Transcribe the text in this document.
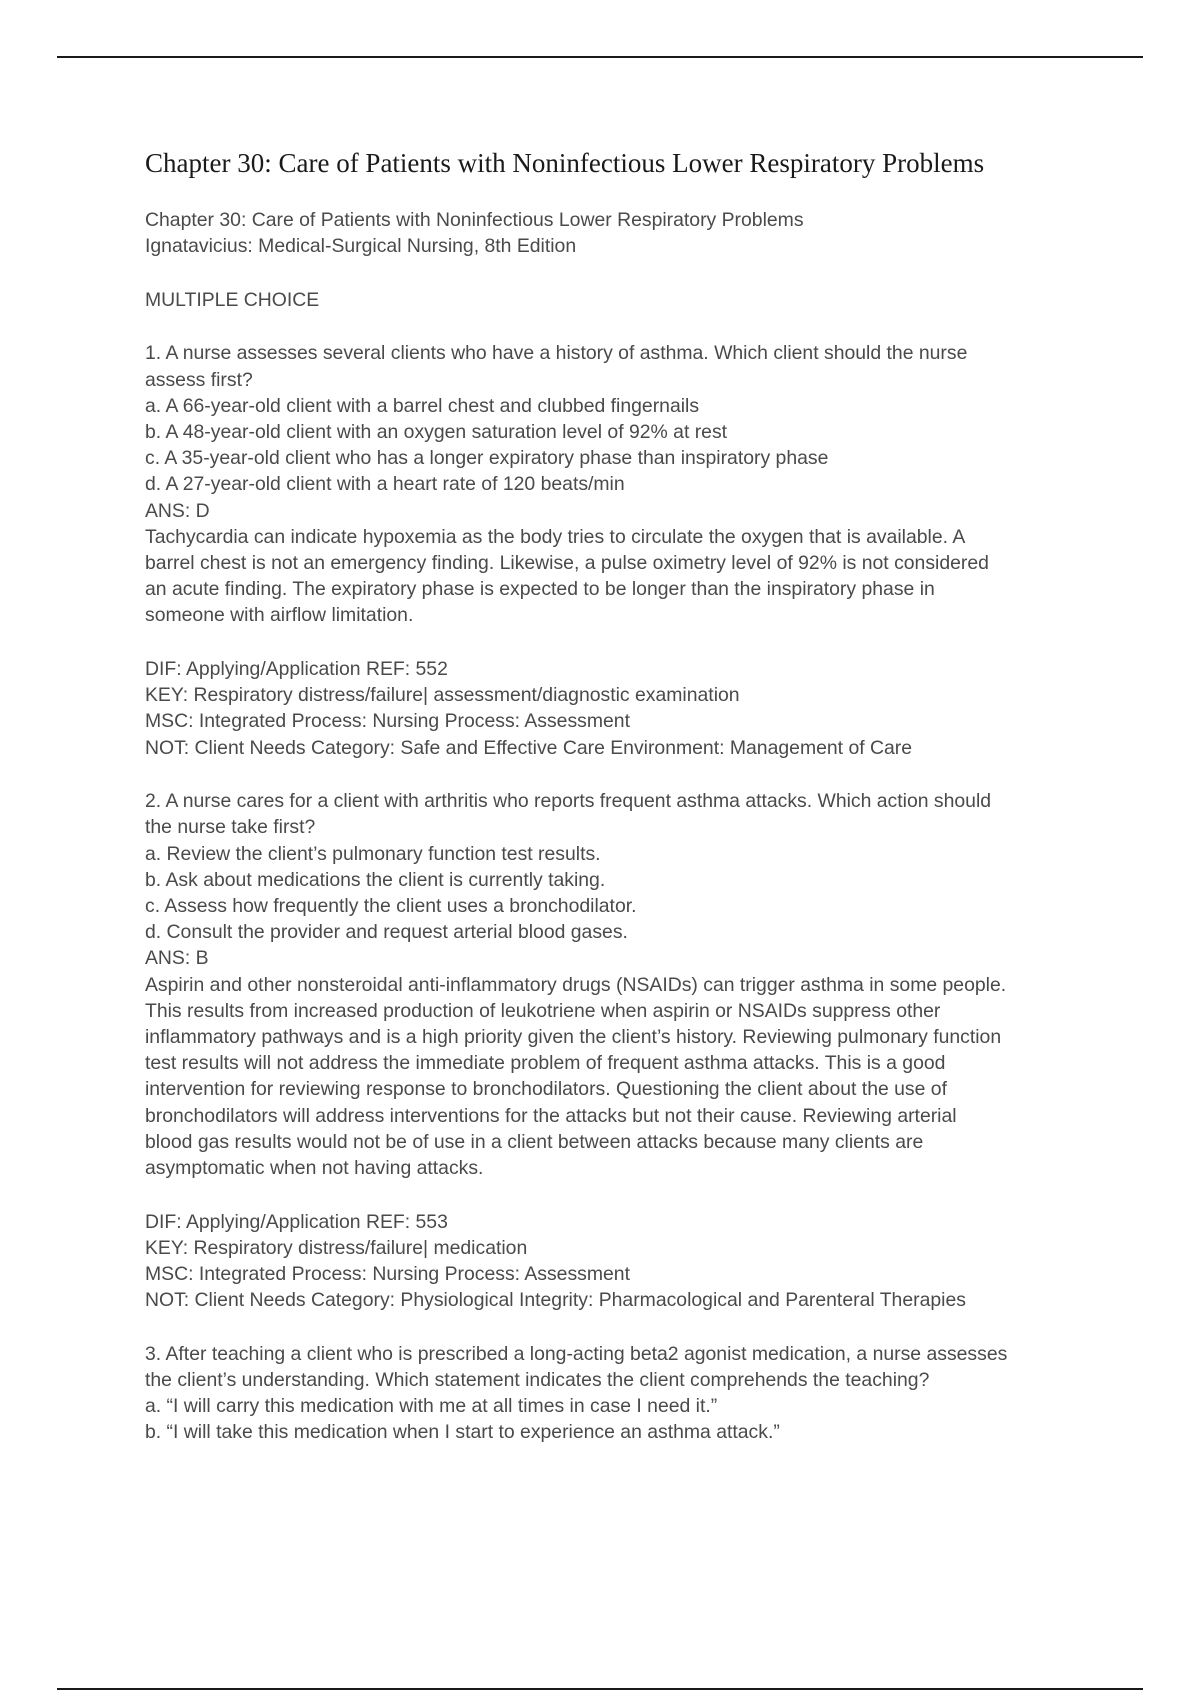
Chapter 30: Care of Patients with Noninfectious Lower Respiratory Problems
Chapter 30: Care of Patients with Noninfectious Lower Respiratory Problems
Ignatavicius: Medical-Surgical Nursing, 8th Edition
MULTIPLE CHOICE
1. A nurse assesses several clients who have a history of asthma. Which client should the nurse
assess first?
a. A 66-year-old client with a barrel chest and clubbed fingernails
b. A 48-year-old client with an oxygen saturation level of 92% at rest
c. A 35-year-old client who has a longer expiratory phase than inspiratory phase
d. A 27-year-old client with a heart rate of 120 beats/min
ANS: D
Tachycardia can indicate hypoxemia as the body tries to circulate the oxygen that is available. A
barrel chest is not an emergency finding. Likewise, a pulse oximetry level of 92% is not considered
an acute finding. The expiratory phase is expected to be longer than the inspiratory phase in
someone with airflow limitation.
DIF: Applying/Application REF: 552
KEY: Respiratory distress/failure| assessment/diagnostic examination
MSC: Integrated Process: Nursing Process: Assessment
NOT: Client Needs Category: Safe and Effective Care Environment: Management of Care
2. A nurse cares for a client with arthritis who reports frequent asthma attacks. Which action should
the nurse take first?
a. Review the client’s pulmonary function test results.
b. Ask about medications the client is currently taking.
c. Assess how frequently the client uses a bronchodilator.
d. Consult the provider and request arterial blood gases.
ANS: B
Aspirin and other nonsteroidal anti-inflammatory drugs (NSAIDs) can trigger asthma in some people.
This results from increased production of leukotriene when aspirin or NSAIDs suppress other
inflammatory pathways and is a high priority given the client’s history. Reviewing pulmonary function
test results will not address the immediate problem of frequent asthma attacks. This is a good
intervention for reviewing response to bronchodilators. Questioning the client about the use of
bronchodilators will address interventions for the attacks but not their cause. Reviewing arterial
blood gas results would not be of use in a client between attacks because many clients are
asymptomatic when not having attacks.
DIF: Applying/Application REF: 553
KEY: Respiratory distress/failure| medication
MSC: Integrated Process: Nursing Process: Assessment
NOT: Client Needs Category: Physiological Integrity: Pharmacological and Parenteral Therapies
3. After teaching a client who is prescribed a long-acting beta2 agonist medication, a nurse assesses
the client’s understanding. Which statement indicates the client comprehends the teaching?
a. “I will carry this medication with me at all times in case I need it.”
b. “I will take this medication when I start to experience an asthma attack.”
